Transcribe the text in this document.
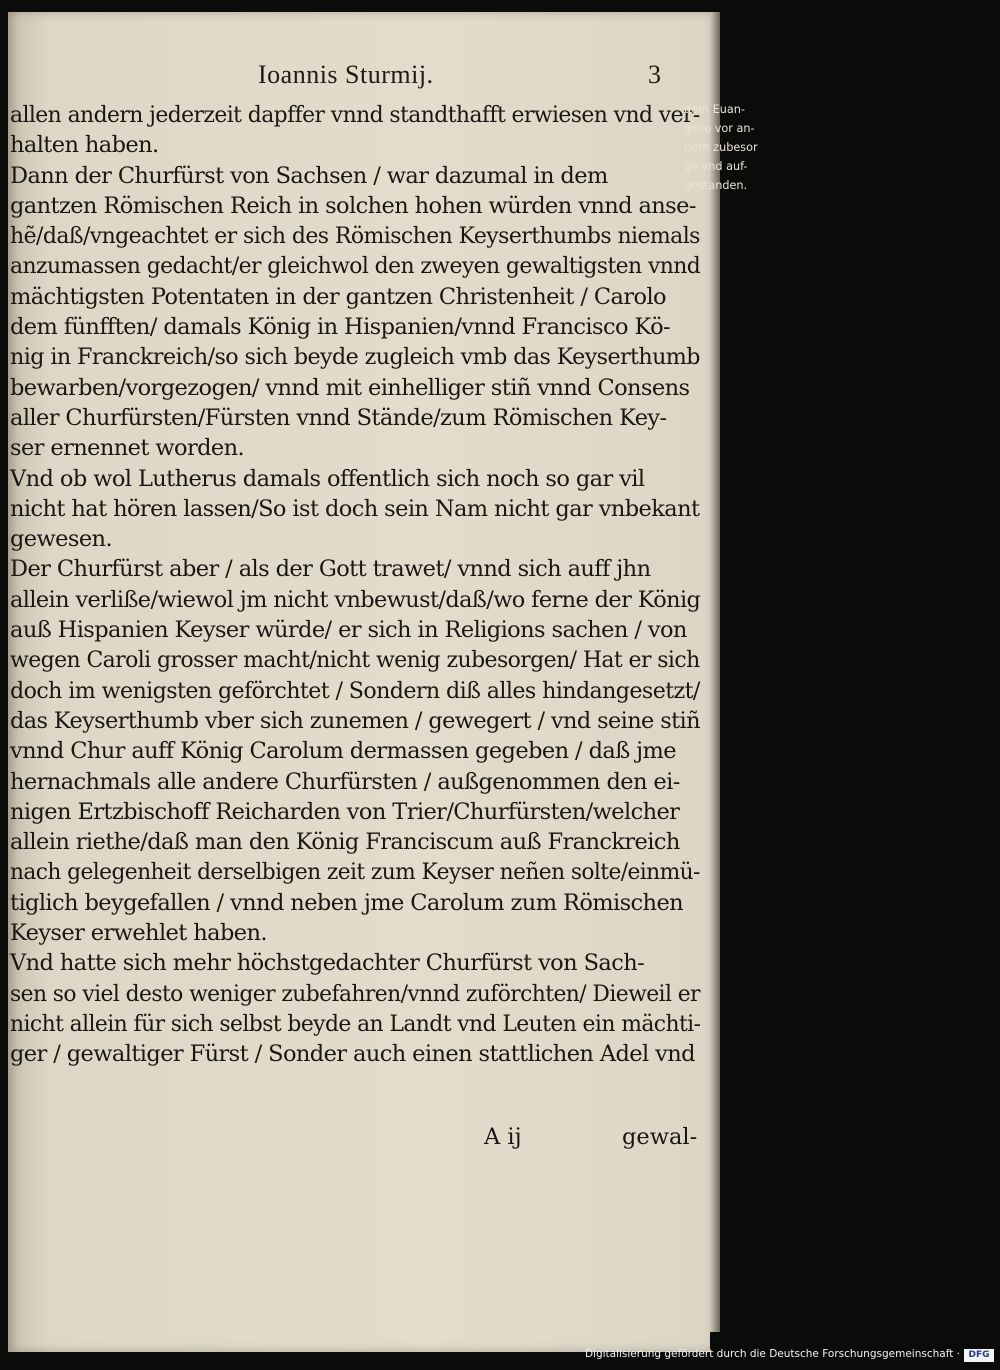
Ioannis Sturmij.	3
allen andern jederzeit dapffer vnnd standthafft erwiesen vnd ver-
halten haben.
Dann der Churfürst von Sachsen / war dazumal in dem
gantzen Römischen Reich in solchen hohen würden vnnd anse-
hẽ/daß/vngeachtet er sich des Römischen Keyserthumbs niemals
anzumassen gedacht/er gleichwol den zweyen gewaltigsten vnnd
mächtigsten Potentaten in der gantzen Christenheit / Carolo
dem fünfften/ damals König in Hispanien/vnnd Francisco Kö-
nig in Franckreich/so sich beyde zugleich vmb das Keyserthumb
bewarben/vorgezogen/ vnnd mit einhelliger stiñ vnnd Consens
aller Churfürsten/Fürsten vnnd Stände/zum Römischen Key-
ser ernennet worden.
Vnd ob wol Lutherus damals offentlich sich noch so gar vil
nicht hat hören lassen/So ist doch sein Nam nicht gar vnbekant
gewesen.
Der Churfürst aber / als der Gott trawet/ vnnd sich auff jhn
allein verliße/wiewol jm nicht vnbewust/daß/wo ferne der König
auß Hispanien Keyser würde/ er sich in Religions sachen / von
wegen Caroli grosser macht/nicht wenig zubesorgen/ Hat er sich
doch im wenigsten geförchtet / Sondern diß alles hindangesetzt/
das Keyserthumb vber sich zunemen / gewegert / vnd seine stiñ
vnnd Chur auff König Carolum dermassen gegeben / daß jme
hernachmals alle andere Churfürsten / außgenommen den ei-
nigen Ertzbischoff Reicharden von Trier/Churfürsten/welcher
allein riethe/daß man den König Franciscum auß Franckreich
nach gelegenheit derselbigen zeit zum Keyser neñen solte/einmü-
tiglich beygefallen / vnnd neben jme Carolum zum Römischen
Keyser erwehlet haben.
Vnd hatte sich mehr höchstgedachter Churfürst von Sach-
sen so viel desto weniger zubefahren/vnnd zuförchten/ Dieweil er
nicht allein für sich selbst beyde an Landt vnd Leuten ein mächti-
ger / gewaltiger Fürst / Sonder auch einen stattlichen Adel vnd
dem Euan-
gelio vor an-
dern zubesor
gẽ vnd auf-
gestanden.
A ij	gewal-
Digitalisierung gefördert durch die Deutsche Forschungsgemeinschaft · DFG
